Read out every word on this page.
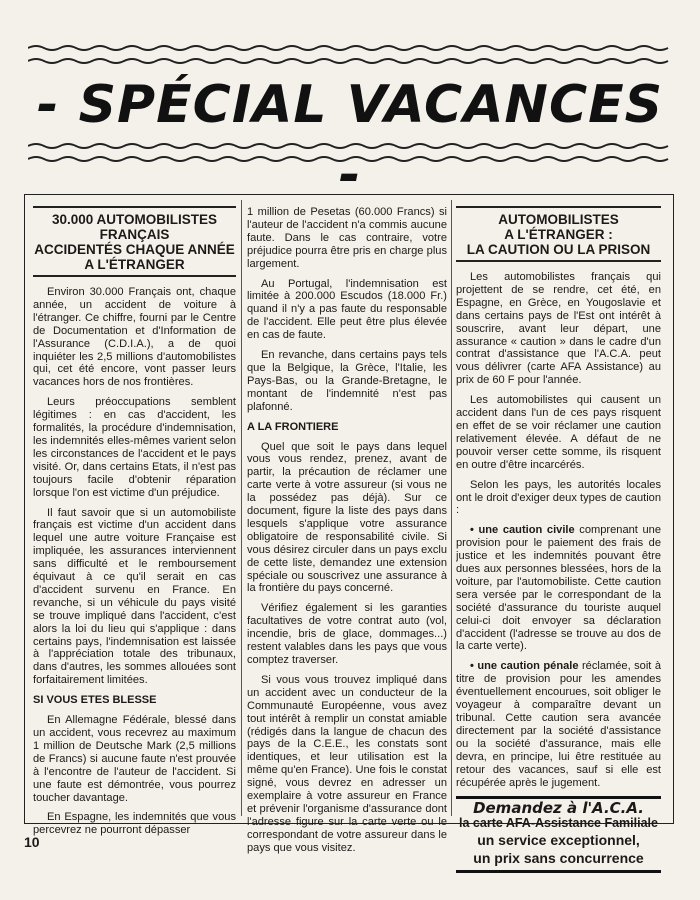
- SPÉCIAL VACANCES -
30.000 AUTOMOBILISTES
FRANÇAIS
ACCIDENTÉS CHAQUE ANNÉE
A L'ÉTRANGER

Environ 30.000 Français ont, chaque année, un accident de voiture à l'étranger. Ce chiffre, fourni par le Centre de Documentation et d'Information de l'Assurance (C.D.I.A.), a de quoi inquiéter les 2,5 millions d'automobilistes qui, cet été encore, vont passer leurs vacances hors de nos frontières.

Leurs préoccupations semblent légitimes : en cas d'accident, les formalités, la procédure d'indemnisation, les indemnités elles-mêmes varient selon les circonstances de l'accident et le pays visité. Or, dans certains Etats, il n'est pas toujours facile d'obtenir réparation lorsque l'on est victime d'un préjudice.

Il faut savoir que si un automobiliste français est victime d'un accident dans lequel une autre voiture Française est impliquée, les assurances interviennent sans difficulté et le remboursement équivaut à ce qu'il serait en cas d'accident survenu en France. En revanche, si un véhicule du pays visité se trouve impliqué dans l'accident, c'est alors la loi du lieu qui s'applique : dans certains pays, l'indemnisation est laissée à l'appréciation totale des tribunaux, dans d'autres, les sommes allouées sont forfaitairement limitées.

SI VOUS ETES BLESSE

En Allemagne Fédérale, blessé dans un accident, vous recevrez au maximum 1 million de Deutsche Mark (2,5 millions de Francs) si aucune faute n'est prouvée à l'encontre de l'auteur de l'accident. Si une faute est démontrée, vous pourrez toucher davantage.

En Espagne, les indemnités que vous percevrez ne pourront dépasser

1 million de Pesetas (60.000 Francs) si l'auteur de l'accident n'a commis aucune faute. Dans le cas contraire, votre préjudice pourra être pris en charge plus largement.

Au Portugal, l'indemnisation est limitée à 200.000 Escudos (18.000 Fr.) quand il n'y a pas faute du responsable de l'accident. Elle peut être plus élevée en cas de faute.

En revanche, dans certains pays tels que la Belgique, la Grèce, l'Italie, les Pays-Bas, ou la Grande-Bretagne, le montant de l'indemnité n'est pas plafonné.

A LA FRONTIERE

Quel que soit le pays dans lequel vous vous rendez, prenez, avant de partir, la précaution de réclamer une carte verte à votre assureur (si vous ne la possédez pas déjà). Sur ce document, figure la liste des pays dans lesquels s'applique votre assurance obligatoire de responsabilité civile. Si vous désirez circuler dans un pays exclu de cette liste, demandez une extension spéciale ou souscrivez une assurance à la frontière du pays concerné.

Vérifiez également si les garanties facultatives de votre contrat auto (vol, incendie, bris de glace, dommages...) restent valables dans les pays que vous comptez traverser.

Si vous vous trouvez impliqué dans un accident avec un conducteur de la Communauté Européenne, vous avez tout intérêt à remplir un constat amiable (rédigés dans la langue de chacun des pays de la C.E.E., les constats sont identiques, et leur utilisation est la même qu'en France). Une fois le constat signé, vous devrez en adresser un exemplaire à votre assureur en France et prévenir l'organisme d'assurance dont l'adresse figure sur la carte verte ou le correspondant de votre assureur dans le pays que vous visitez.

AUTOMOBILISTES
A L'ÉTRANGER :
LA CAUTION OU LA PRISON

Les automobilistes français qui projettent de se rendre, cet été, en Espagne, en Grèce, en Yougoslavie et dans certains pays de l'Est ont intérêt à souscrire, avant leur départ, une assurance « caution » dans le cadre d'un contrat d'assistance que l'A.C.A. peut vous délivrer (carte AFA Assistance) au prix de 60 F pour l'année.

Les automobilistes qui causent un accident dans l'un de ces pays risquent en effet de se voir réclamer une caution relativement élevée. A défaut de ne pouvoir verser cette somme, ils risquent en outre d'être incarcérés.

Selon les pays, les autorités locales ont le droit d'exiger deux types de caution :

• une caution civile comprenant une provision pour le paiement des frais de justice et les indemnités pouvant être dues aux personnes blessées, hors de la voiture, par l'automobiliste. Cette caution sera versée par le correspondant de la société d'assurance du touriste auquel celui-ci doit envoyer sa déclaration d'accident (l'adresse se trouve au dos de la carte verte).

• une caution pénale réclamée, soit à titre de provision pour les amendes éventuellement encourues, soit obliger le voyageur à comparaître devant un tribunal. Cette caution sera avancée directement par la société d'assistance ou la société d'assurance, mais elle devra, en principe, lui être restituée au retour des vacances, sauf si elle est récupérée après le jugement.

Demandez à l'A.C.A.
la carte AFA-Assistance Familiale
un service exceptionnel,
un prix sans concurrence
10
